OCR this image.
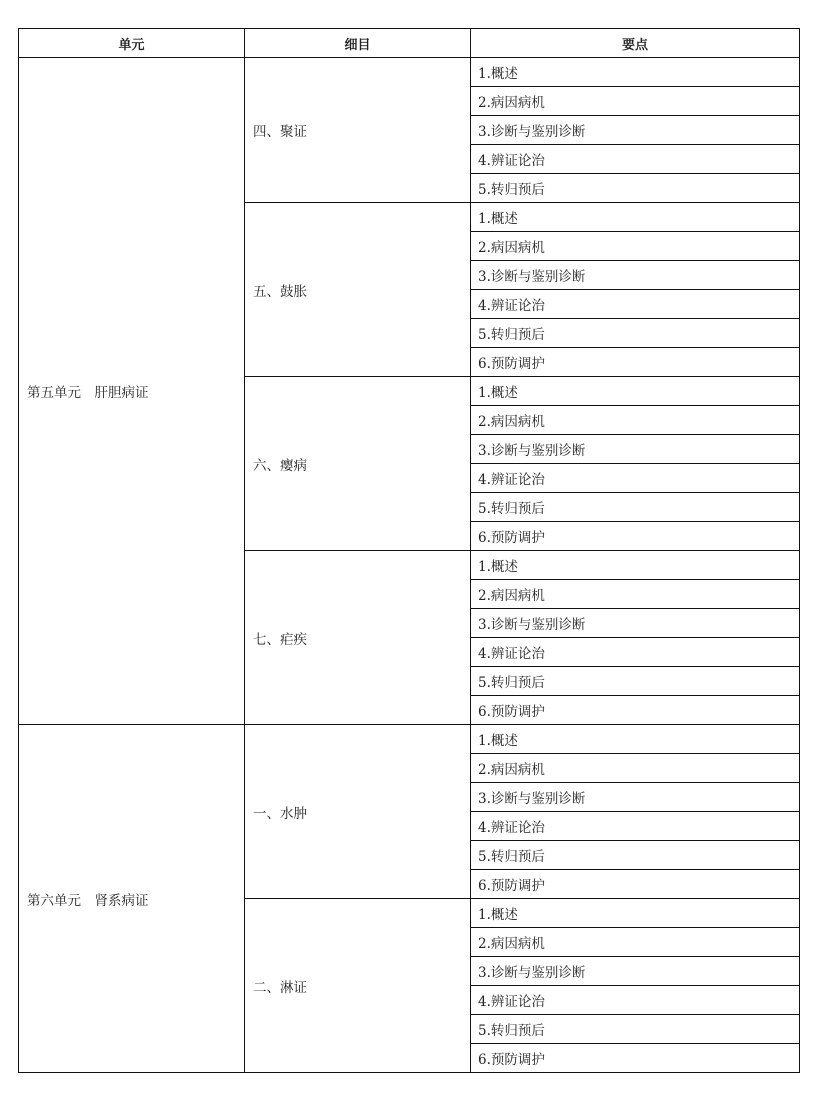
单元	细目	要点
第五单元　肝胆病证	四、聚证	1.概述
		2.病因病机
		3.诊断与鉴别诊断
		4.辨证论治
		5.转归预后
	五、鼓胀	1.概述
		2.病因病机
		3.诊断与鉴别诊断
		4.辨证论治
		5.转归预后
		6.预防调护
	六、瘿病	1.概述
		2.病因病机
		3.诊断与鉴别诊断
		4.辨证论治
		5.转归预后
		6.预防调护
	七、疟疾	1.概述
		2.病因病机
		3.诊断与鉴别诊断
		4.辨证论治
		5.转归预后
		6.预防调护
第六单元　肾系病证	一、水肿	1.概述
		2.病因病机
		3.诊断与鉴别诊断
		4.辨证论治
		5.转归预后
		6.预防调护
	二、淋证	1.概述
		2.病因病机
		3.诊断与鉴别诊断
		4.辨证论治
		5.转归预后
		6.预防调护
